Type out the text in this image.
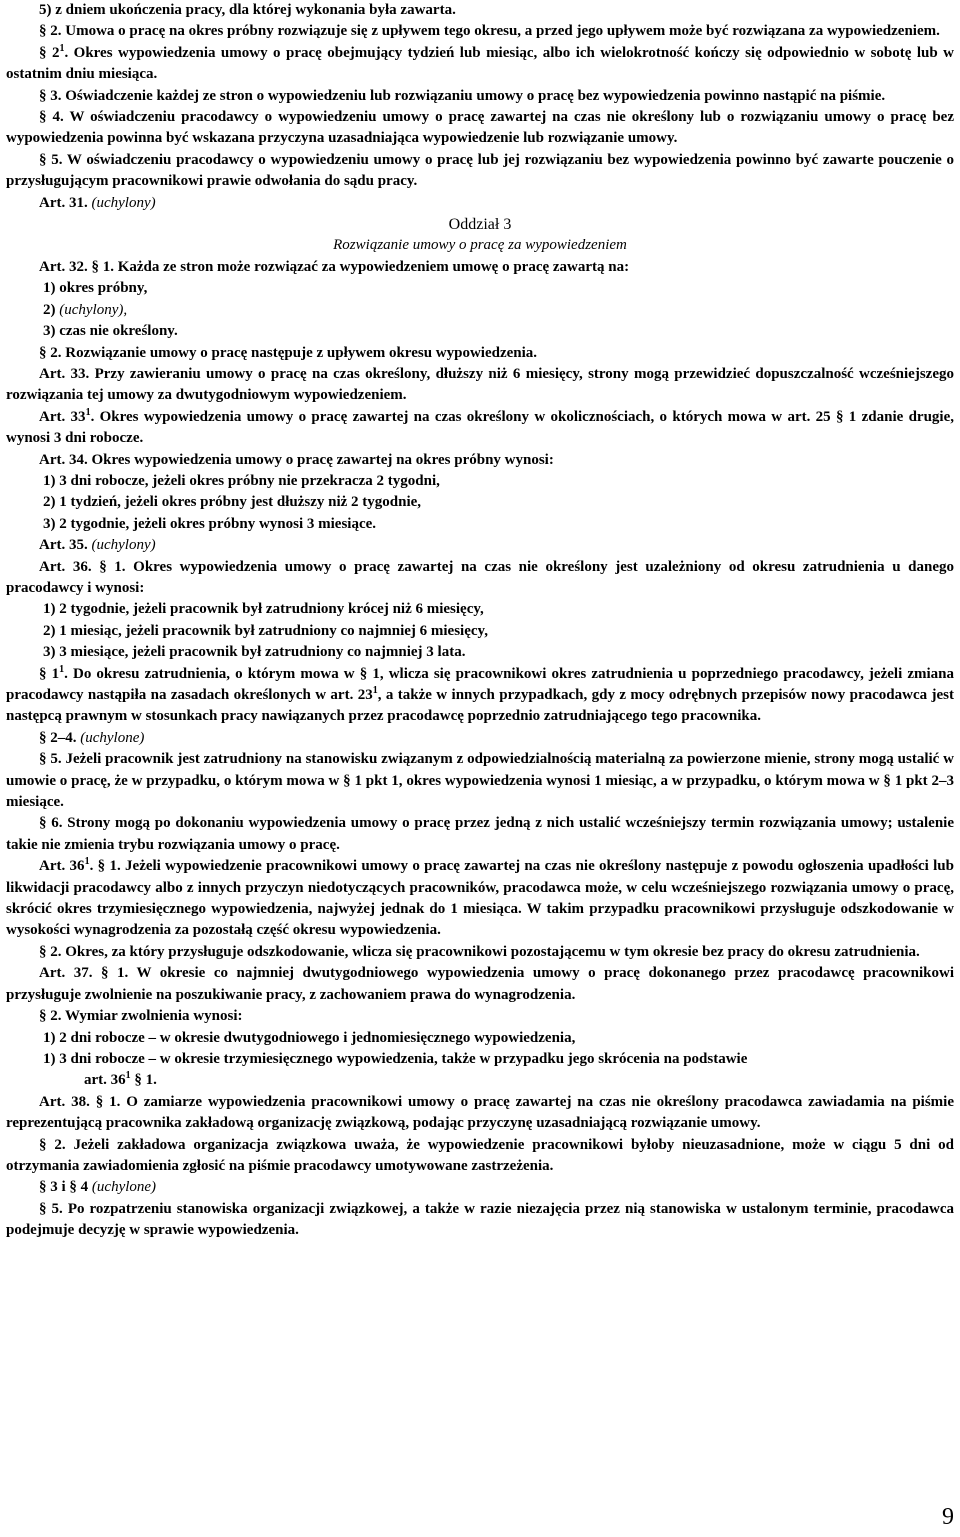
5) z dniem ukończenia pracy, dla której wykonania była zawarta.

§ 2. Umowa o pracę na okres próbny rozwiązuje się z upływem tego okresu, a przed jego upływem może być rozwiązana za wypowiedzeniem.

§ $2^1$. Okres wypowiedzenia umowy o pracę obejmujący tydzień lub miesiąc, albo ich wielokrotność kończy się odpowiednio w sobotę lub w ostatnim dniu miesiąca.

§ 3. Oświadczenie każdej ze stron o wypowiedzeniu lub rozwiązaniu umowy o pracę bez wypowiedzenia powinno nastąpić na piśmie.

§ 4. W oświadczeniu pracodawcy o wypowiedzeniu umowy o pracę zawartej na czas nie określony lub o rozwiązaniu umowy o pracę bez wypowiedzenia powinna być wskazana przyczyna uzasadniająca wypowiedzenie lub rozwiązanie umowy.

§ 5. W oświadczeniu pracodawcy o wypowiedzeniu umowy o pracę lub jej rozwiązaniu bez wypowiedzenia powinno być zawarte pouczenie o przysługującym pracownikowi prawie odwołania do sądu pracy.

Art. 31. (uchylony)

Oddział 3

Rozwiązanie umowy o pracę za wypowiedzeniem

Art. 32. § 1. Każda ze stron może rozwiązać za wypowiedzeniem umowę o pracę zawartą na:

1) okres próbny,

2) (uchylony),

3) czas nie określony.

§ 2. Rozwiązanie umowy o pracę następuje z upływem okresu wypowiedzenia.

Art. 33. Przy zawieraniu umowy o pracę na czas określony, dłuższy niż 6 miesięcy, strony mogą przewidzieć dopuszczalność wcześniejszego rozwiązania tej umowy za dwutygodniowym wypowiedzeniem.

Art. $33^1$. Okres wypowiedzenia umowy o pracę zawartej na czas określony w okolicznościach, o których mowa w art. 25 § 1 zdanie drugie, wynosi 3 dni robocze.

Art. 34. Okres wypowiedzenia umowy o pracę zawartej na okres próbny wynosi:

1) 3 dni robocze, jeżeli okres próbny nie przekracza 2 tygodni,

2) 1 tydzień, jeżeli okres próbny jest dłuższy niż 2 tygodnie,

3) 2 tygodnie, jeżeli okres próbny wynosi 3 miesiące.

Art. 35. (uchylony)

Art. 36. § 1. Okres wypowiedzenia umowy o pracę zawartej na czas nie określony jest uzależniony od okresu zatrudnienia u danego pracodawcy i wynosi:

1) 2 tygodnie, jeżeli pracownik był zatrudniony krócej niż 6 miesięcy,

2) 1 miesiąc, jeżeli pracownik był zatrudniony co najmniej 6 miesięcy,

3) 3 miesiące, jeżeli pracownik był zatrudniony co najmniej 3 lata.

§ $1^1$. Do okresu zatrudnienia, o którym mowa w § 1, wlicza się pracownikowi okres zatrudnienia u poprzedniego pracodawcy, jeżeli zmiana pracodawcy nastąpiła na zasadach określonych w art. $23^1$, a także w innych przypadkach, gdy z mocy odrębnych przepisów nowy pracodawca jest następcą prawnym w stosunkach pracy nawiązanych przez pracodawcę poprzednio zatrudniającego tego pracownika.

§ 2–4. (uchylone)

§ 5. Jeżeli pracownik jest zatrudniony na stanowisku związanym z odpowiedzialnością materialną za powierzone mienie, strony mogą ustalić w umowie o pracę, że w przypadku, o którym mowa w § 1 pkt 1, okres wypowiedzenia wynosi 1 miesiąc, a w przypadku, o którym mowa w § 1 pkt 2–3 miesiące.

§ 6. Strony mogą po dokonaniu wypowiedzenia umowy o pracę przez jedną z nich ustalić wcześniejszy termin rozwiązania umowy; ustalenie takie nie zmienia trybu rozwiązania umowy o pracę.

Art. $36^1$. § 1. Jeżeli wypowiedzenie pracownikowi umowy o pracę zawartej na czas nie określony następuje z powodu ogłoszenia upadłości lub likwidacji pracodawcy albo z innych przyczyn niedotyczących pracowników, pracodawca może, w celu wcześniejszego rozwiązania umowy o pracę, skrócić okres trzymiesięcznego wypowiedzenia, najwyżej jednak do 1 miesiąca. W takim przypadku pracownikowi przysługuje odszkodowanie w wysokości wynagrodzenia za pozostałą część okresu wypowiedzenia.

§ 2. Okres, za który przysługuje odszkodowanie, wlicza się pracownikowi pozostającemu w tym okresie bez pracy do okresu zatrudnienia.

Art. 37. § 1. W okresie co najmniej dwutygodniowego wypowiedzenia umowy o pracę dokonanego przez pracodawcę pracownikowi przysługuje zwolnienie na poszukiwanie pracy, z zachowaniem prawa do wynagrodzenia.

§ 2. Wymiar zwolnienia wynosi:

1) 2 dni robocze – w okresie dwutygodniowego i jednomiesięcznego wypowiedzenia,

1) 3 dni robocze – w okresie trzymiesięcznego wypowiedzenia, także w przypadku jego skrócenia na podstawie

art. $36^1$ § 1.

Art. 38. § 1. O zamiarze wypowiedzenia pracownikowi umowy o pracę zawartej na czas nie określony pracodawca zawiadamia na piśmie reprezentującą pracownika zakładową organizację związkową, podając przyczynę uzasadniającą rozwiązanie umowy.

§ 2. Jeżeli zakładowa organizacja związkowa uważa, że wypowiedzenie pracownikowi byłoby nieuzasadnione, może w ciągu 5 dni od otrzymania zawiadomienia zgłosić na piśmie pracodawcy umotywowane zastrzeżenia.

§ 3 i § 4 (uchylone)

§ 5. Po rozpatrzeniu stanowiska organizacji związkowej, a także w razie niezajęcia przez nią stanowiska w ustalonym terminie, pracodawca podejmuje decyzję w sprawie wypowiedzenia.

9
